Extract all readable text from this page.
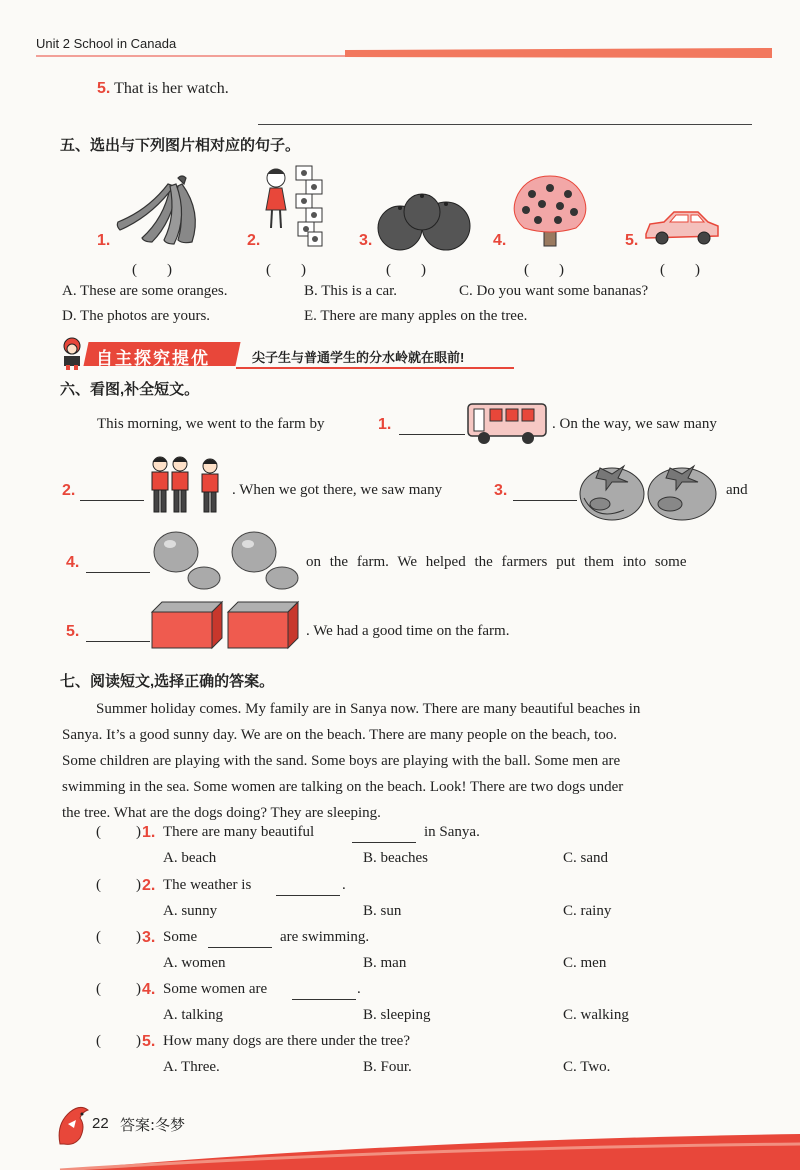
Unit 2 School in Canada
5. That is her watch.
五、选出与下列图片相对应的句子。
1.
(　　)
2.
(　　)
3.
(　　)
4.
(　　)
5.
(　　)
A. These are some oranges.	B. This is a car.	C. Do you want some bananas?
D. The photos are yours.	E. There are many apples on the tree.
自主探究提优	尖子生与普通学生的分水岭就在眼前!
六、看图,补全短文。
This morning, we went to the farm by	1.	. On the way, we saw many
2.	. When we got there, we saw many	3.	and
4.	on the farm. We helped the farmers put them into some
5.	. We had a good time on the farm.
七、阅读短文,选择正确的答案。
Summer holiday comes. My family are in Sanya now. There are many beautiful beaches in
Sanya. It’s a good sunny day. We are on the beach. There are many people on the beach, too.
Some children are playing with the sand. Some boys are playing with the ball. Some men are
swimming in the sea. Some women are talking on the beach. Look! There are two dogs under
the tree. What are the dogs doing? They are sleeping.
( ) 1. There are many beautiful	in Sanya.
A. beach	B. beaches	C. sand
( ) 2. The weather is	.
A. sunny	B. sun	C. rainy
( ) 3. Some	are swimming.
A. women	B. man	C. men
( ) 4. Some women are	.
A. talking	B. sleeping	C. walking
( ) 5. How many dogs are there under the tree?
A. Three.	B. Four.	C. Two.
22 答案:冬梦
